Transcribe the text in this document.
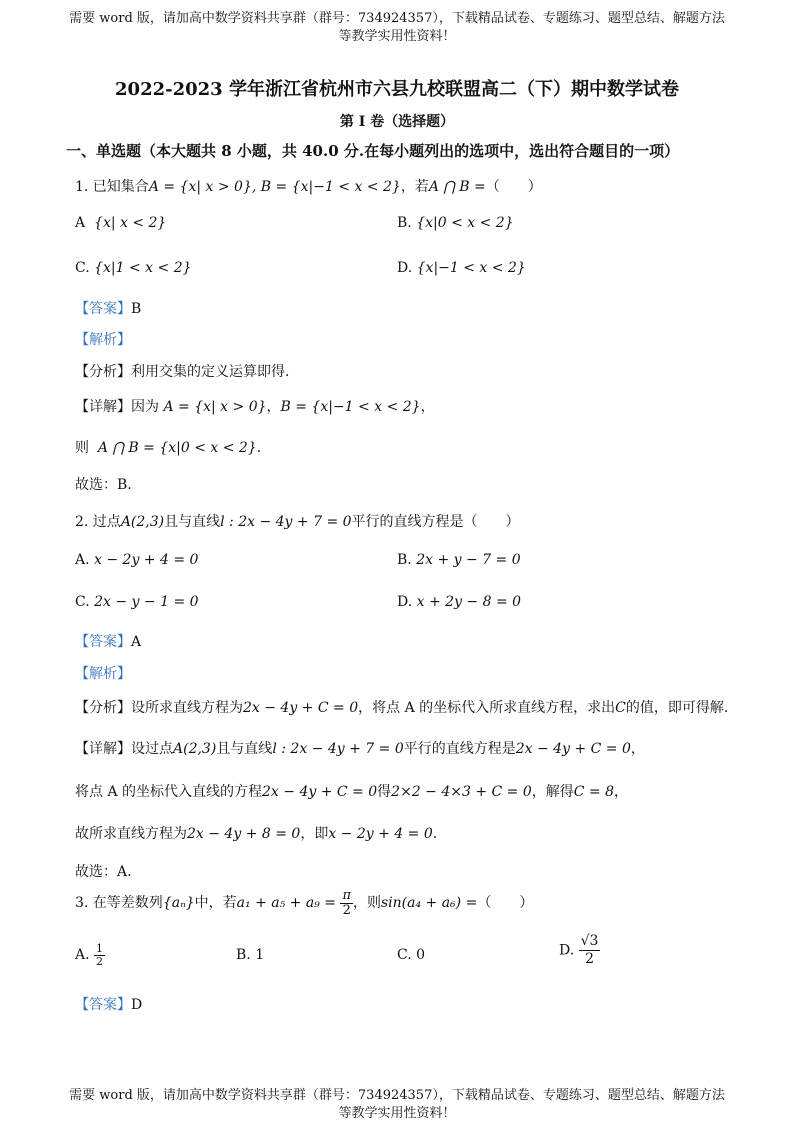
需要 word 版，请加高中数学资料共享群（群号：734924357），下载精品试卷、专题练习、题型总结、解题方法
等教学实用性资料！
2022-2023 学年浙江省杭州市六县九校联盟高二（下）期中数学试卷
第 I 卷（选择题）
一、单选题（本大题共 8 小题，共 40.0 分.在每小题列出的选项中，选出符合题目的一项）
1. 已知集合A = {x| x > 0}, B = {x|−1 < x < 2}，若A ⋂ B =（　　）
A {x| x < 2}	B. {x|0 < x < 2}
C. {x|1 < x < 2}	D. {x|−1 < x < 2}
【答案】B
【解析】
【分析】利用交集的定义运算即得.
【详解】因为 A = {x| x > 0}，B = {x|−1 < x < 2}，
则 A ⋂ B = {x|0 < x < 2}.
故选：B.
2. 过点A(2,3)且与直线l : 2x − 4y + 7 = 0平行的直线方程是（　　）
A. x − 2y + 4 = 0	B. 2x + y − 7 = 0
C. 2x − y − 1 = 0	D. x + 2y − 8 = 0
【答案】A
【解析】
【分析】设所求直线方程为2x − 4y + C = 0，将点 A 的坐标代入所求直线方程，求出C的值，即可得解.
【详解】设过点A(2,3)且与直线l : 2x − 4y + 7 = 0平行的直线方程是2x − 4y + C = 0，
将点 A 的坐标代入直线的方程2x − 4y + C = 0得2×2 − 4×3 + C = 0，解得C = 8，
故所求直线方程为2x − 4y + 8 = 0，即x − 2y + 4 = 0.
故选：A.
3. 在等差数列{aₙ}中，若$a_1 + a_5 + a_9 = \frac{\pi}{2}$ ，则sin(a₄ + a₆) =（　　）
A. $\frac{1}{2}$	B. 1	C. 0	D. $\frac{√3}{2}$
【答案】D
需要 word 版，请加高中数学资料共享群（群号：734924357），下载精品试卷、专题练习、题型总结、解题方法
等教学实用性资料！
